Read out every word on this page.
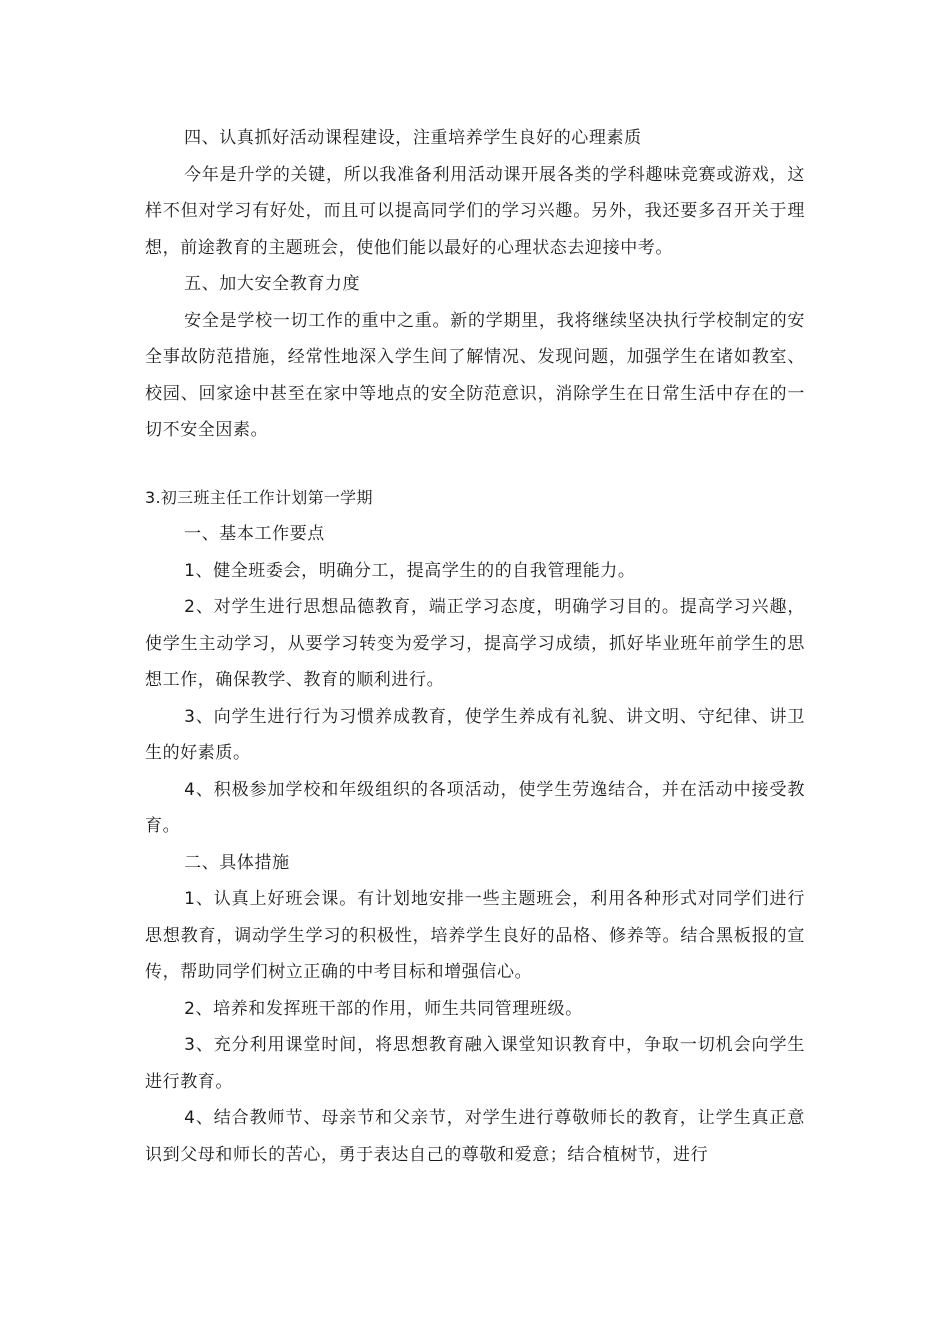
四、认真抓好活动课程建设，注重培养学生良好的心理素质

今年是升学的关键，所以我准备利用活动课开展各类的学科趣味竞赛或游戏，这样不但对学习有好处，而且可以提高同学们的学习兴趣。另外，我还要多召开关于理想，前途教育的主题班会，使他们能以最好的心理状态去迎接中考。

五、加大安全教育力度

安全是学校一切工作的重中之重。新的学期里，我将继续坚决执行学校制定的安全事故防范措施，经常性地深入学生间了解情况、发现问题，加强学生在诸如教室、校园、回家途中甚至在家中等地点的安全防范意识，消除学生在日常生活中存在的一切不安全因素。

3.初三班主任工作计划第一学期

一、基本工作要点

1、健全班委会，明确分工，提高学生的的自我管理能力。

2、对学生进行思想品德教育，端正学习态度，明确学习目的。提高学习兴趣，使学生主动学习，从要学习转变为爱学习，提高学习成绩，抓好毕业班年前学生的思想工作，确保教学、教育的顺利进行。

3、向学生进行行为习惯养成教育，使学生养成有礼貌、讲文明、守纪律、讲卫生的好素质。

4、积极参加学校和年级组织的各项活动，使学生劳逸结合，并在活动中接受教育。

二、具体措施

1、认真上好班会课。有计划地安排一些主题班会，利用各种形式对同学们进行思想教育，调动学生学习的积极性，培养学生良好的品格、修养等。结合黑板报的宣传，帮助同学们树立正确的中考目标和增强信心。

2、培养和发挥班干部的作用，师生共同管理班级。

3、充分利用课堂时间，将思想教育融入课堂知识教育中，争取一切机会向学生进行教育。

4、结合教师节、母亲节和父亲节，对学生进行尊敬师长的教育，让学生真正意识到父母和师长的苦心，勇于表达自己的尊敬和爱意；结合植树节，进行
